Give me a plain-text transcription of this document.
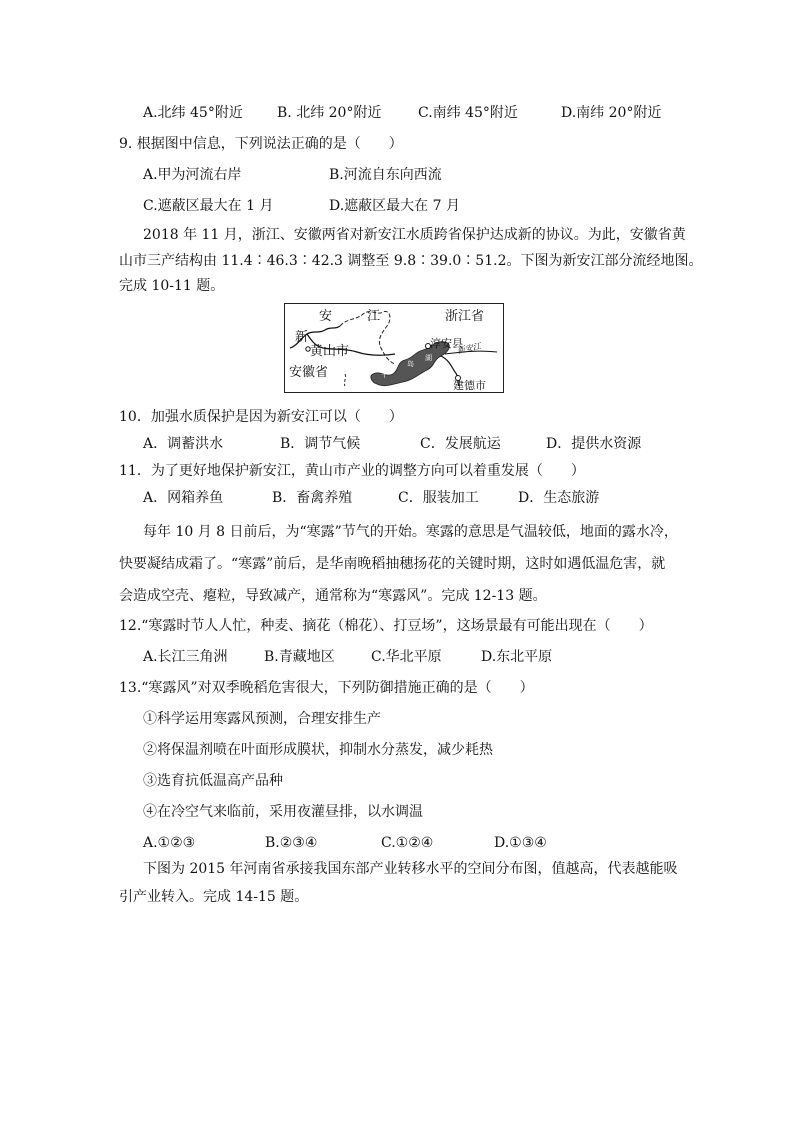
A.北纬 45°附近 B. 北纬 20°附近	C.南纬 45°附近	D.南纬 20°附近
9. 根据图中信息，下列说法正确的是（　　）
A.甲为河流右岸	B.河流自东向西流
C.遮蔽区最大在 1 月	D.遮蔽区最大在 7 月
2018 年 11 月，浙江、安徽两省对新安江水质跨省保护达成新的协议。为此，安徽省黄
山市三产结构由 11.4∶46.3∶42.3 调整至 9.8∶39.0∶51.2。下图为新安江部分流经地图。
完成 10-11 题。
安	江
新
浙江省
黄山市
安徽省
淳安县
建德市
千
岛
湖
新安江
10．加强水质保护是因为新安江可以（　　）
A．调蓄洪水	B．调节气候	C．发展航运	D．提供水资源
11．为了更好地保护新安江，黄山市产业的调整方向可以着重发展（　　）
A．网箱养鱼	B．畜禽养殖	C．服装加工	D．生态旅游
每年 10 月 8 日前后，为“寒露”节气的开始。寒露的意思是气温较低，地面的露水冷，
快要凝结成霜了。“寒露”前后，是华南晚稻抽穗扬花的关键时期，这时如遇低温危害，就
会造成空壳、瘪粒，导致减产，通常称为“寒露风”。完成 12-13 题。
12.“寒露时节人人忙，种麦、摘花（棉花）、打豆场”，这场景最有可能出现在（　　）
A.长江三角洲	B.青藏地区	C.华北平原	D.东北平原
13.“寒露风”对双季晚稻危害很大，下列防御措施正确的是（　　）
①科学运用寒露风预测，合理安排生产
②将保温剂喷在叶面形成膜状，抑制水分蒸发，减少耗热
③选育抗低温高产品种
④在冷空气来临前，采用夜灌昼排，以水调温
A.①②③	B.②③④	C.①②④	D.①③④
下图为 2015 年河南省承接我国东部产业转移水平的空间分布图，值越高，代表越能吸
引产业转入。完成 14-15 题。
